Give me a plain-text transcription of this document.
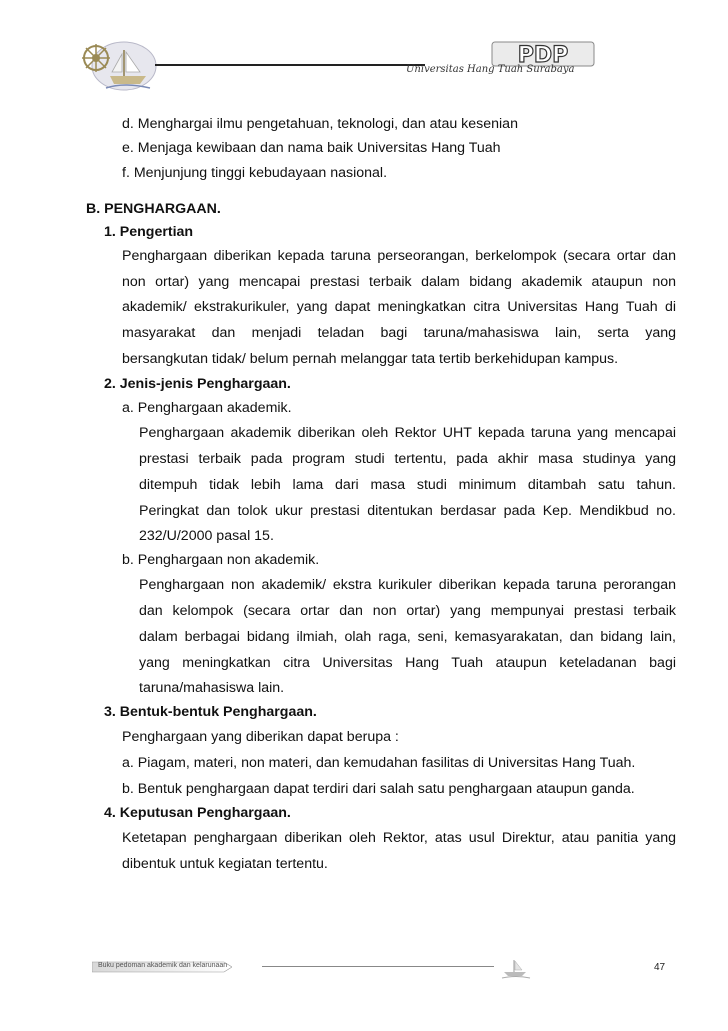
PDP
Universitas Hang Tuah Surabaya
d. Menghargai ilmu pengetahuan, teknologi, dan atau kesenian
e. Menjaga kewibaan dan nama baik Universitas Hang Tuah
f. Menjunjung tinggi kebudayaan nasional.
B. PENGHARGAAN.
1. Pengertian
Penghargaan diberikan kepada taruna perseorangan, berkelompok (secara ortar dan
non ortar) yang mencapai prestasi terbaik dalam bidang akademik ataupun non
akademik/ ekstrakurikuler, yang dapat meningkatkan citra Universitas Hang Tuah di
masyarakat dan menjadi teladan bagi taruna/mahasiswa lain, serta yang
bersangkutan tidak/ belum pernah melanggar tata tertib berkehidupan kampus.
2. Jenis-jenis Penghargaan.
a. Penghargaan akademik.
Penghargaan akademik diberikan oleh Rektor UHT kepada taruna yang mencapai
prestasi terbaik pada program studi tertentu, pada akhir masa studinya yang
ditempuh tidak lebih lama dari masa studi minimum ditambah satu tahun.
Peringkat dan tolok ukur prestasi ditentukan berdasar pada Kep. Mendikbud no.
232/U/2000 pasal 15.
b. Penghargaan non akademik.
Penghargaan non akademik/ ekstra kurikuler diberikan kepada taruna perorangan
dan kelompok (secara ortar dan non ortar) yang mempunyai prestasi terbaik
dalam berbagai bidang ilmiah, olah raga, seni, kemasyarakatan, dan bidang lain,
yang meningkatkan citra Universitas Hang Tuah ataupun keteladanan bagi
taruna/mahasiswa lain.
3. Bentuk-bentuk Penghargaan.
Penghargaan yang diberikan dapat berupa :
a. Piagam, materi, non materi, dan kemudahan fasilitas di Universitas Hang Tuah.
b. Bentuk penghargaan dapat terdiri dari salah satu penghargaan ataupun ganda.
4. Keputusan Penghargaan.
Ketetapan penghargaan diberikan oleh Rektor, atas usul Direktur, atau panitia yang
dibentuk untuk kegiatan tertentu.
Buku pedoman akademik dan kelarunaan	47
